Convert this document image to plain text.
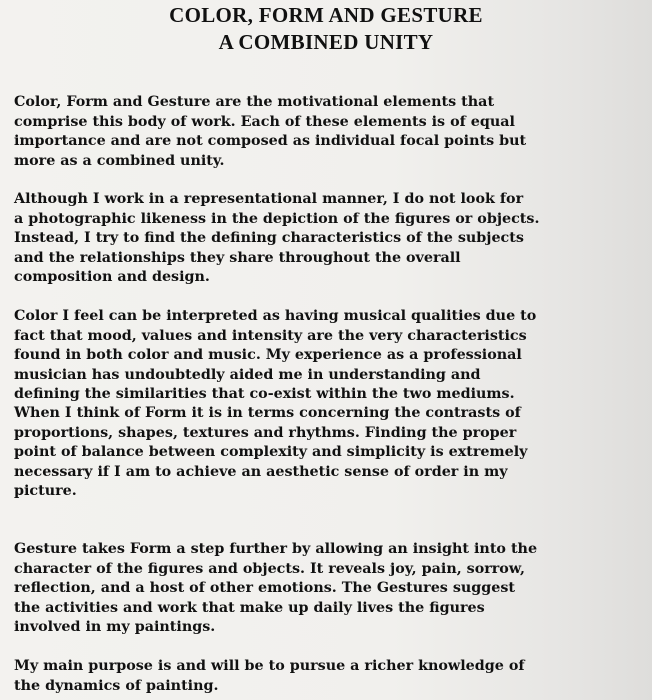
COLOR, FORM AND GESTURE
A COMBINED UNITY

Color, Form and Gesture are the motivational elements that
comprise this body of work. Each of these elements is of equal
importance and are not composed as individual focal points but
more as a combined unity.

Although I work in a representational manner, I do not look for
a photographic likeness in the depiction of the figures or objects.
Instead, I try to find the defining characteristics of the subjects
and the relationships they share throughout the overall
composition and design.

Color I feel can be interpreted as having musical qualities due to
fact that mood, values and intensity are the very characteristics
found in both color and music. My experience as a professional
musician has undoubtedly aided me in understanding and
defining the similarities that co-exist within the two mediums.

When I think of Form it is in terms concerning the contrasts of
proportions, shapes, textures and rhythms. Finding the proper
point of balance between complexity and simplicity is extremely
necessary if I am to achieve an aesthetic sense of order in my
picture.

Gesture takes Form a step further by allowing an insight into the
character of the figures and objects. It reveals joy, pain, sorrow,
reflection, and a host of other emotions. The Gestures suggest
the activities and work that make up daily lives the figures
involved in my paintings.

My main purpose is and will be to pursue a richer knowledge of
the dynamics of painting.
